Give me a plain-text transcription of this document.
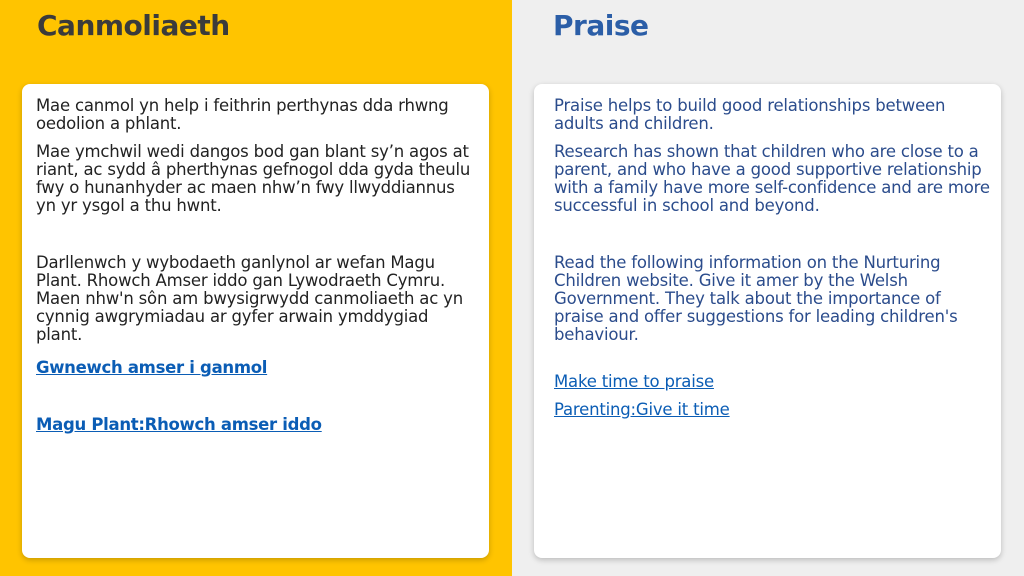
Canmoliaeth

Mae canmol yn help i feithrin perthynas dda rhwng oedolion a phlant.

Mae ymchwil wedi dangos bod gan blant sy’n agos at riant, ac sydd â pherthynas gefnogol dda gyda theulu fwy o hunanhyder ac maen nhw’n fwy llwyddiannus yn yr ysgol a thu hwnt.

Darllenwch y wybodaeth ganlynol ar wefan Magu Plant. Rhowch Amser iddo gan Lywodraeth Cymru. Maen nhw'n sôn am bwysigrwydd canmoliaeth ac yn cynnig awgrymiadau ar gyfer arwain ymddygiad plant.

Gwnewch amser i ganmol
Magu Plant:Rhowch amser iddo
Praise

Praise helps to build good relationships between adults and children.

Research has shown that children who are close to a parent, and who have a good supportive relationship with a family have more self-confidence and are more successful in school and beyond.

Read the following information on the Nurturing Children website. Give it amer by the Welsh Government. They talk about the importance of praise and offer suggestions for leading children's behaviour.

Make time to praise
Parenting:Give it time
